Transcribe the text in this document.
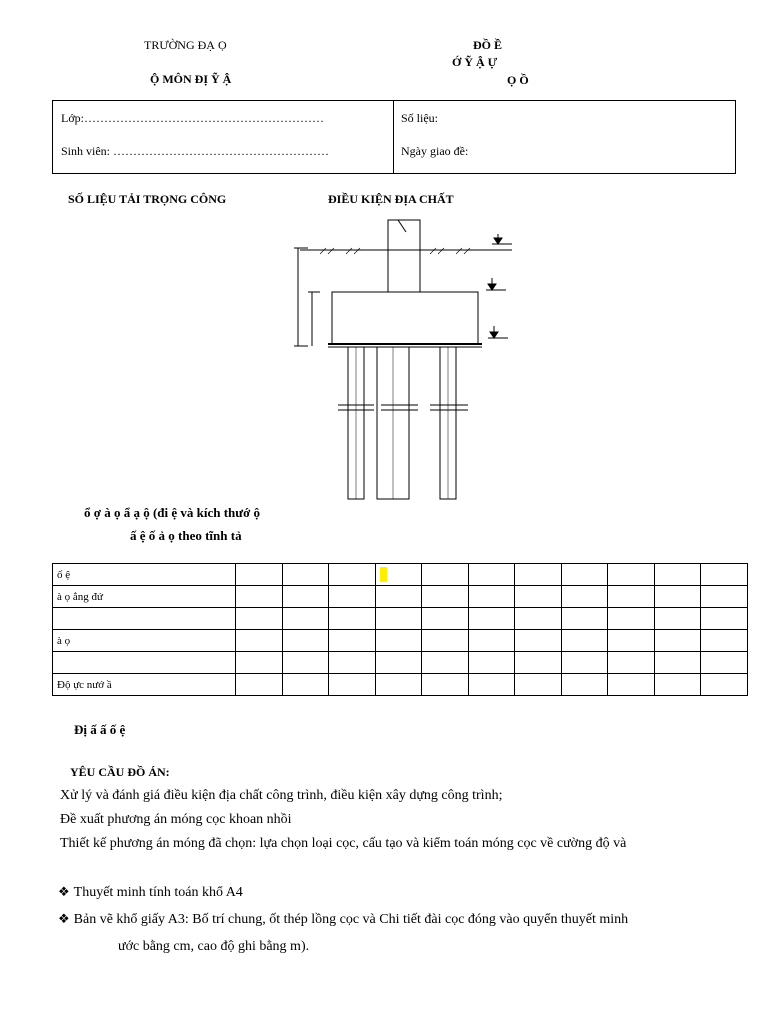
TRƯỜNG ĐẠ Ọ
Ộ MÔN ĐỊ Ỹ Ậ
ĐỒ Ề
Ớ Ỹ Ậ Ự
Ọ Ồ
Lớp:……………………………………………………
Sinh viên: ………………………………………………
Số liệu:
Ngày giao đề:
SỐ LIỆU TẢI TRỌNG CÔNG	ĐIỀU KIỆN ĐỊA CHẤT
ổ ợ à ọ ẩ ạ ộ (đi ệ và kích thướ ộ
ấ ệ ố ả ọ theo tĩnh tả
ố ệ											
à ọ ẳng đứ											

à ọ											

Độ ực nướ ầ											
Đị ấ ấ ố ệ
YÊU CẦU ĐỒ ÁN:
Xử lý và đánh giá điều kiện địa chất công trình, điều kiện xây dựng công trình;
Đề xuất phương án móng cọc khoan nhồi
Thiết kế phương án móng đã chọn: lựa chọn loại cọc, cấu tạo và kiểm toán móng cọc về cường độ và
❖ Thuyết minh tính toán khổ A4
❖ Bản vẽ khổ giấy A3: Bố trí chung, ốt thép lồng cọc và Chi tiết đài cọc đóng vào quyển thuyết minh
ước bằng cm, cao độ ghi bằng m).
